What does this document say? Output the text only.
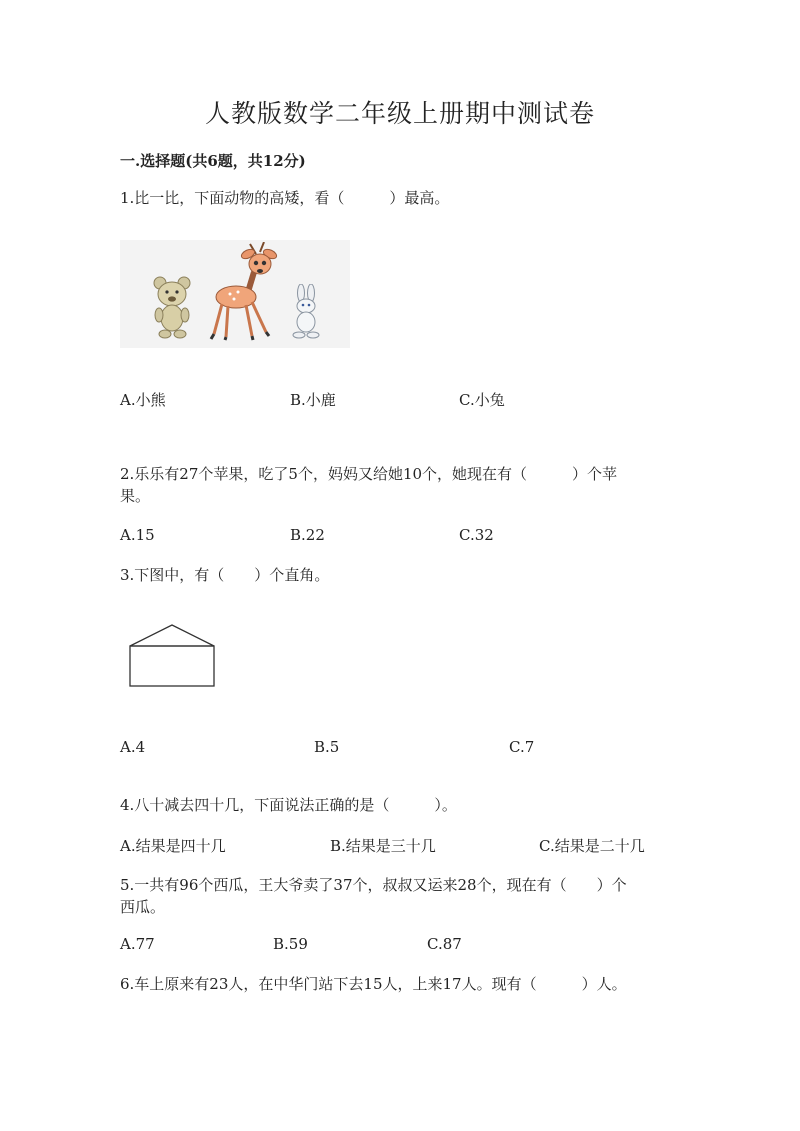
人教版数学二年级上册期中测试卷
一.选择题(共6题，共12分)
1.比一比，下面动物的高矮，看（　　　）最高。
A.小熊	B.小鹿	C.小兔
2.乐乐有27个苹果，吃了5个，妈妈又给她10个，她现在有（　　　）个苹
果。
A.15	B.22	C.32
3.下图中，有（　　）个直角。
A.4	B.5	C.7
4.八十减去四十几，下面说法正确的是（　　　）。
A.结果是四十几	B.结果是三十几	C.结果是二十几
5.一共有96个西瓜，王大爷卖了37个，叔叔又运来28个，现在有（　　）个
西瓜。
A.77	B.59	C.87
6.车上原来有23人，在中华门站下去15人，上来17人。现有（　　　）人。
